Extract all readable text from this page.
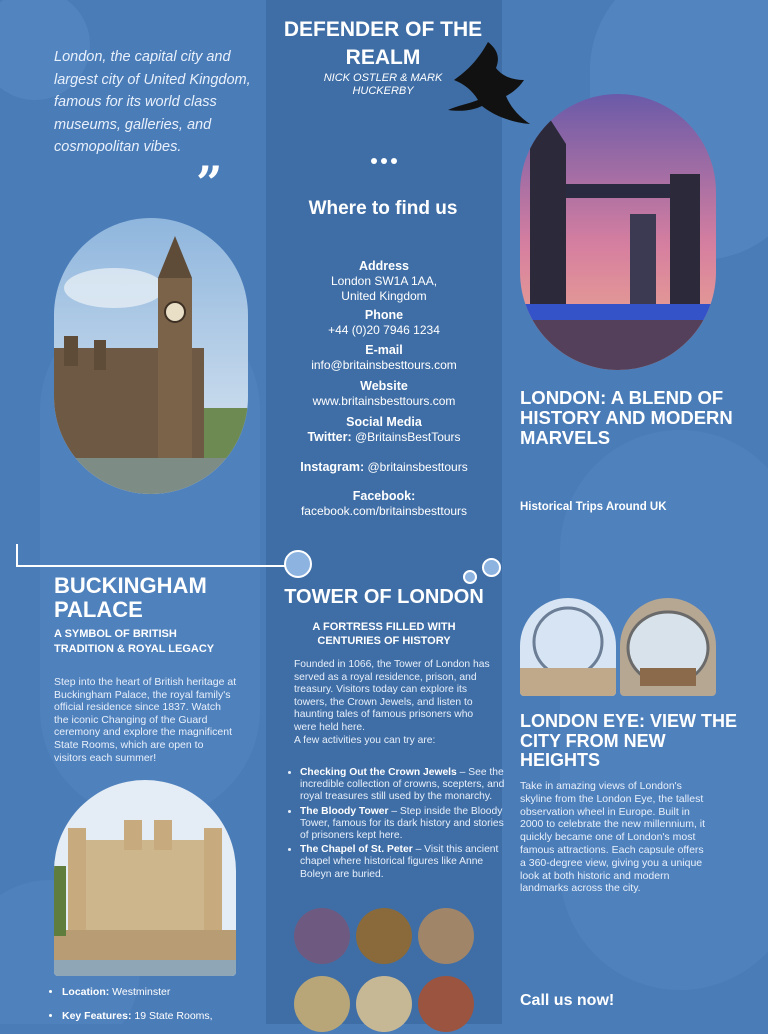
London, the capital city and largest city of United Kingdom, famous for its world class museums, galleries, and cosmopolitan vibes.
”
DEFENDER OF THE REALM
NICK OSTLER & MARK HUCKERBY
Where to find us
Address
London SW1A 1AA, United Kingdom
Phone
+44 (0)20 7946 1234
E-mail
info@britainsbesttours.com
Website
www.britainsbesttours.com
Social Media
Twitter: @BritainsBestTours
Instagram: @britainsbesttours
Facebook:
facebook.com/britainsbesttours
LONDON: A BLEND OF HISTORY AND MODERN MARVELS
Historical Trips Around UK
BUCKINGHAM PALACE
A SYMBOL OF BRITISH TRADITION & ROYAL LEGACY
Step into the heart of British heritage at Buckingham Palace, the royal family's official residence since 1837. Watch the iconic Changing of the Guard ceremony and explore the magnificent State Rooms, which are open to visitors each summer!
• Location: Westminster
• Key Features: 19 State Rooms,
TOWER OF LONDON
A FORTRESS FILLED WITH CENTURIES OF HISTORY
Founded in 1066, the Tower of London has served as a royal residence, prison, and treasury. Visitors today can explore its towers, the Crown Jewels, and listen to haunting tales of famous prisoners who were held here.
A few activities you can try are:
• Checking Out the Crown Jewels – See the incredible collection of crowns, scepters, and royal treasures still used by the monarchy.
• The Bloody Tower – Step inside the Bloody Tower, famous for its dark history and stories of prisoners kept here.
• The Chapel of St. Peter – Visit this ancient chapel where historical figures like Anne Boleyn are buried.
LONDON EYE: VIEW THE CITY FROM NEW HEIGHTS
Take in amazing views of London's skyline from the London Eye, the tallest observation wheel in Europe. Built in 2000 to celebrate the new millennium, it quickly became one of London's most famous attractions. Each capsule offers a 360-degree view, giving you a unique look at both historic and modern landmarks across the city.
Call us now!
